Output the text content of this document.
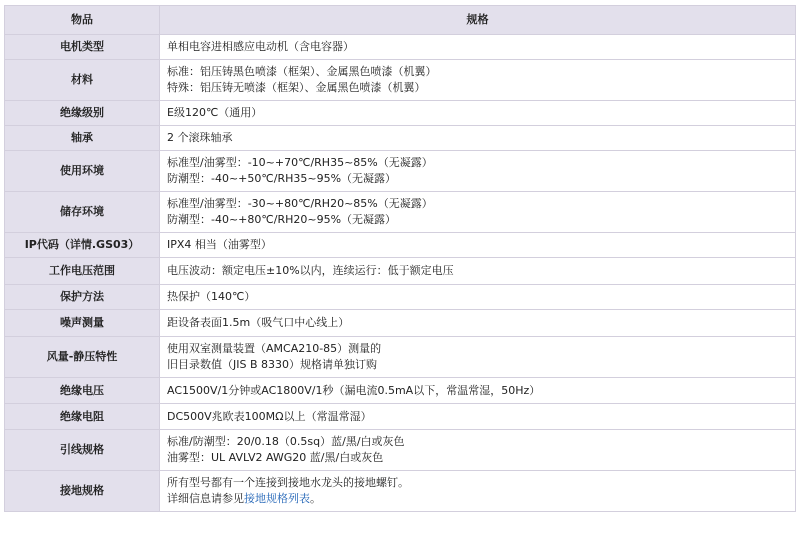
物品	规格
电机类型	单相电容进相感应电动机（含电容器）

材料	标准：铝压铸黑色喷漆（框架）、金属黑色喷漆（机翼）
特殊：铝压铸无喷漆（框架）、金属黑色喷漆（机翼）

绝缘级别	E级120℃（通用）

轴承	2 个滚珠轴承

使用环境	标准型/油雾型：-10~+70℃/RH35~85%（无凝露）
防潮型：-40~+50℃/RH35~95%（无凝露）

储存环境	标准型/油雾型：-30~+80℃/RH20~85%（无凝露）
防潮型：-40~+80℃/RH20~95%（无凝露）

IP代码（详情.GS03）	IPX4 相当（油雾型）

工作电压范围	电压波动：额定电压±10%以内，连续运行：低于额定电压

保护方法	热保护（140℃）

噪声测量	距设备表面1.5m（吸气口中心线上）

风量-静压特性	使用双室测量装置（AMCA210-85）测量的
旧目录数值（JIS B 8330）规格请单独订购

绝缘电压	AC1500V/1分钟或AC1800V/1秒（漏电流0.5mA以下，常温常湿，50Hz）

绝缘电阻	DC500V兆欧表100MΩ以上（常温常湿）

引线规格	标准/防潮型：20/0.18（0.5sq）蓝/黑/白或灰色
油雾型：UL AVLV2 AWG20 蓝/黑/白或灰色

接地规格	所有型号都有一个连接到接地水龙头的接地螺钉。
详细信息请参见接地规格列表。
